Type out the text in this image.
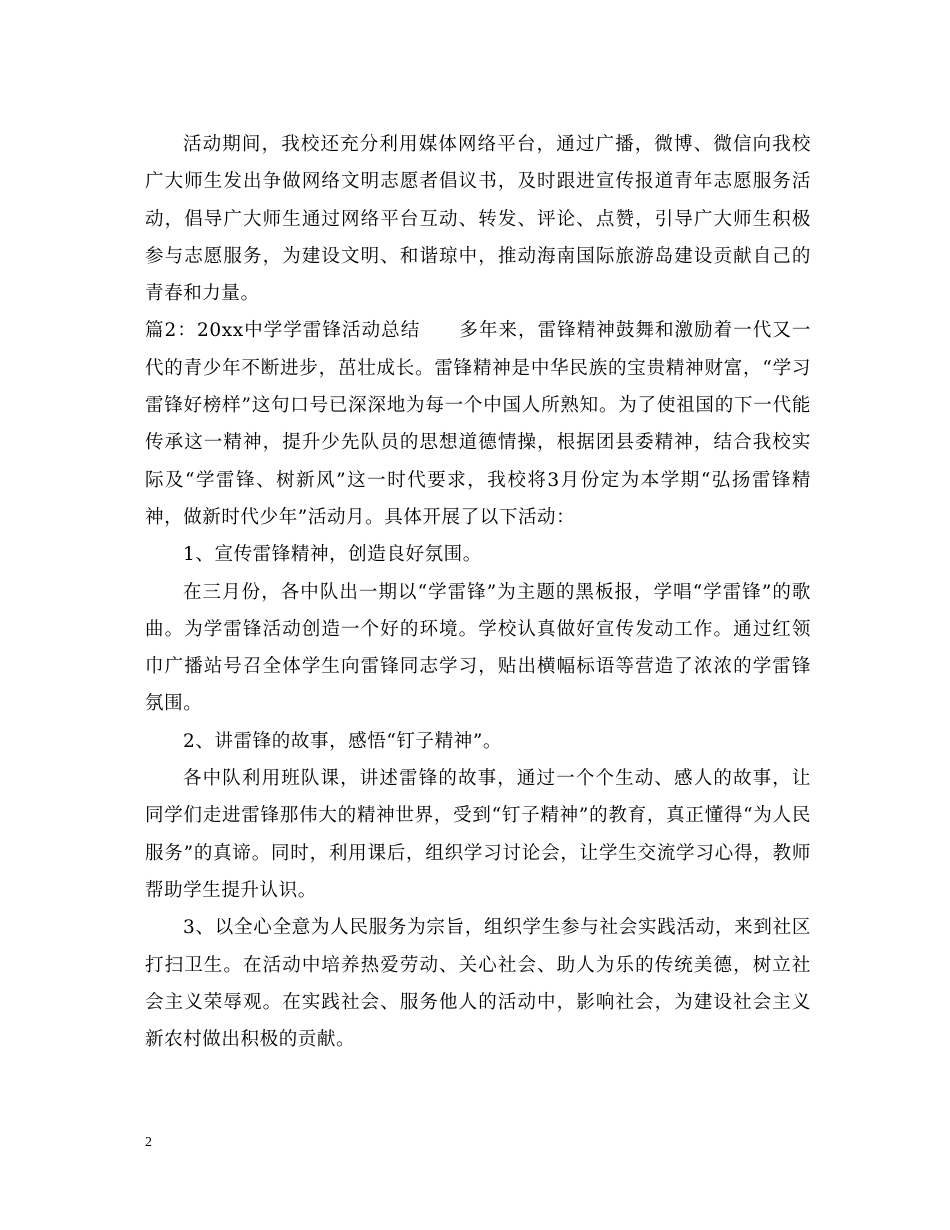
活动期间，我校还充分利用媒体网络平台，通过广播，微博、微信向我校广大师生发出争做网络文明志愿者倡议书，及时跟进宣传报道青年志愿服务活动，倡导广大师生通过网络平台互动、转发、评论、点赞，引导广大师生积极参与志愿服务，为建设文明、和谐琼中，推动海南国际旅游岛建设贡献自己的青春和力量。

篇2：20xx中学学雷锋活动总结　　多年来，雷锋精神鼓舞和激励着一代又一代的青少年不断进步，茁壮成长。雷锋精神是中华民族的宝贵精神财富，“学习雷锋好榜样”这句口号已深深地为每一个中国人所熟知。为了使祖国的下一代能传承这一精神，提升少先队员的思想道德情操，根据团县委精神，结合我校实际及“学雷锋、树新风”这一时代要求，我校将3月份定为本学期“弘扬雷锋精神，做新时代少年”活动月。具体开展了以下活动：

1、宣传雷锋精神，创造良好氛围。

在三月份，各中队出一期以“学雷锋”为主题的黑板报，学唱“学雷锋”的歌曲。为学雷锋活动创造一个好的环境。学校认真做好宣传发动工作。通过红领巾广播站号召全体学生向雷锋同志学习，贴出横幅标语等营造了浓浓的学雷锋氛围。

2、讲雷锋的故事，感悟“钉子精神”。

各中队利用班队课，讲述雷锋的故事，通过一个个生动、感人的故事，让同学们走进雷锋那伟大的精神世界，受到“钉子精神”的教育，真正懂得“为人民服务”的真谛。同时，利用课后，组织学习讨论会，让学生交流学习心得，教师帮助学生提升认识。

3、以全心全意为人民服务为宗旨，组织学生参与社会实践活动，来到社区打扫卫生。在活动中培养热爱劳动、关心社会、助人为乐的传统美德，树立社会主义荣辱观。在实践社会、服务他人的活动中，影响社会，为建设社会主义新农村做出积极的贡献。

2
